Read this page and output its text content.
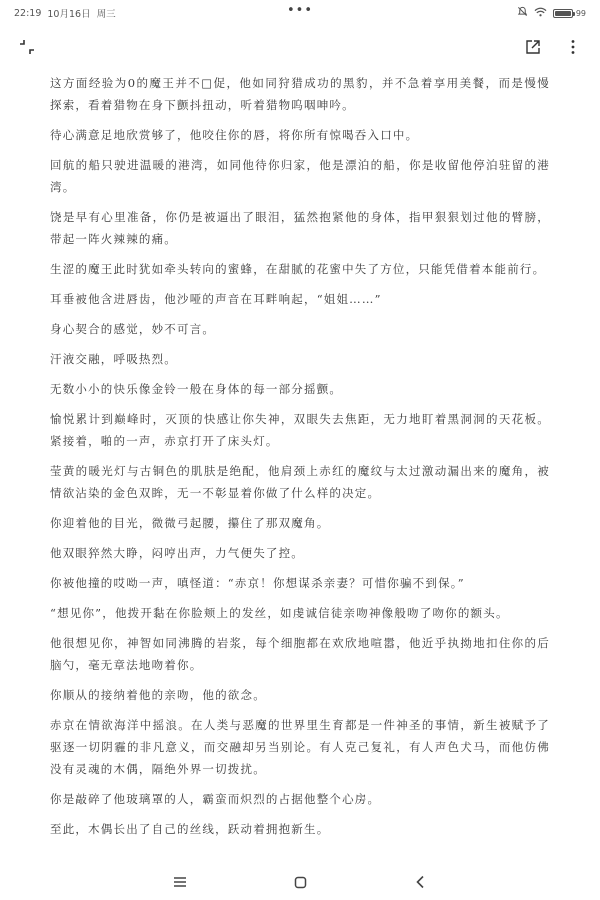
22:19 10月16日 周三	•••	99

这方面经验为0的魔王并不□促，他如同狩猎成功的黑豹，并不急着享用美餐，而是慢慢探索，看着猎物在身下颤抖扭动，听着猎物呜咽呻吟。

待心满意足地欣赏够了，他咬住你的唇，将你所有惊喝吞入口中。

回航的船只驶进温暖的港湾，如同他待你归家，他是漂泊的船，你是收留他停泊驻留的港湾。

饶是早有心里准备，你仍是被逼出了眼泪，猛然抱紧他的身体，指甲狠狠划过他的臂膀，带起一阵火辣辣的痛。

生涩的魔王此时犹如牵头转向的蜜蜂，在甜腻的花蜜中失了方位，只能凭借着本能前行。

耳垂被他含进唇齿，他沙哑的声音在耳畔响起，“姐姐……”

身心契合的感觉，妙不可言。

汗液交融，呼吸热烈。

无数小小的快乐像金铃一般在身体的每一部分摇颤。

愉悦累计到巅峰时，灭顶的快感让你失神，双眼失去焦距，无力地盯着黑洞洞的天花板。紧接着，啪的一声，赤京打开了床头灯。

莹黄的暖光灯与古铜色的肌肤是绝配，他肩颈上赤红的魔纹与太过激动漏出来的魔角，被情欲沾染的金色双眸，无一不彰显着你做了什么样的决定。

你迎着他的目光，微微弓起腰，攥住了那双魔角。

他双眼猝然大睁，闷哼出声，力气便失了控。

你被他撞的哎呦一声，嗔怪道：“赤京！你想谋杀亲妻？可惜你骗不到保。”

“想见你”，他拨开黏在你脸颊上的发丝，如虔诚信徒亲吻神像般吻了吻你的额头。

他很想见你，神智如同沸腾的岩浆，每个细胞都在欢欣地喧嚣，他近乎执拗地扣住你的后脑勺，毫无章法地吻着你。

你顺从的接纳着他的亲吻，他的欲念。

赤京在情欲海洋中摇浪。在人类与恶魔的世界里生育都是一件神圣的事情，新生被赋予了驱逐一切阴霾的非凡意义，而交融却另当别论。有人克己复礼，有人声色犬马，而他仿佛没有灵魂的木偶，隔绝外界一切拨扰。

你是敲碎了他玻璃罩的人，霸蛮而炽烈的占据他整个心房。

至此，木偶长出了自己的丝线，跃动着拥抱新生。
